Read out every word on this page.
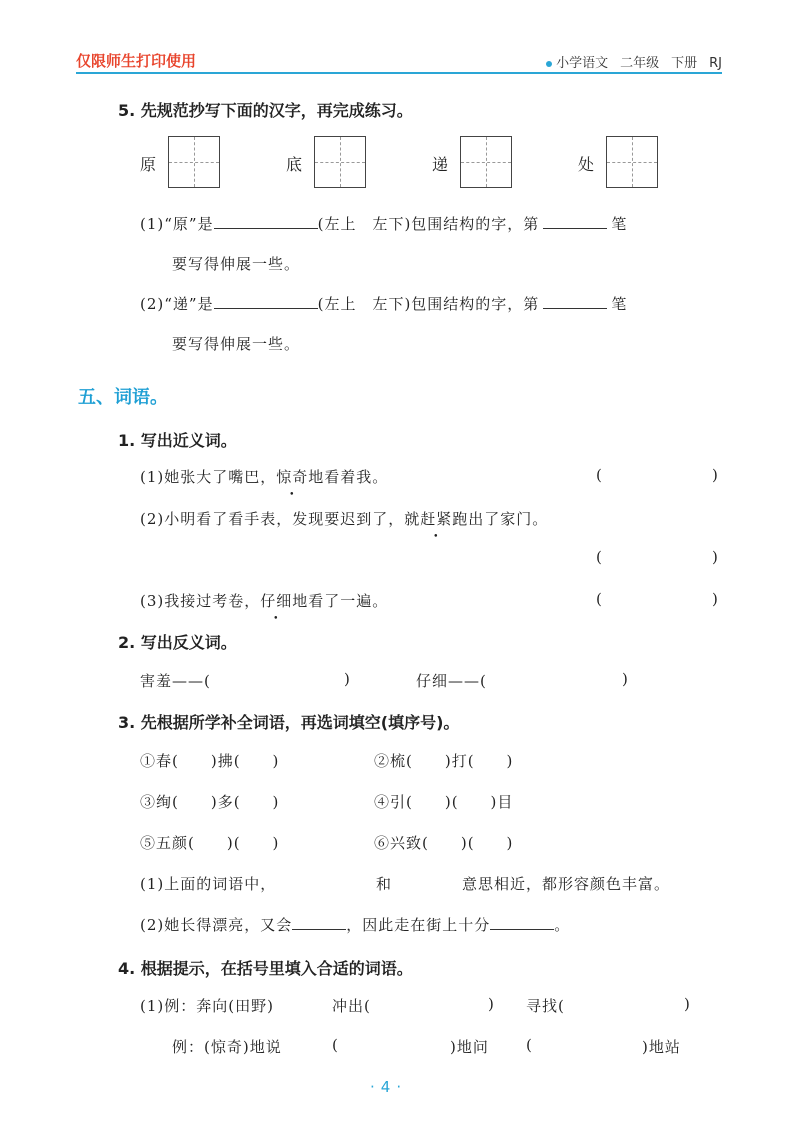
仅限师生打印使用	小学语文 二年级 下册 RJ
5. 先规范抄写下面的汉字，再完成练习。
原	底	递	处
(1)“原”是	(左上　左下)包围结构的字，第	笔
要写得伸展一些。
(2)“递”是	(左上　左下)包围结构的字，第	笔
要写得伸展一些。
五、词语。
1. 写出近义词。
(1)她张大了嘴巴，惊奇地看着我。	(	)
(2)小明看了看手表，发现要迟到了，就赶紧跑出了家门。
(	)
(3)我接过考卷，仔细地看了一遍。	(	)
2. 写出反义词。
害羞——(	)	仔细——(	)
3. 先根据所学补全词语，再选词填空(填序号)。
①春(　　)拂(　　)	②梳(　　)打(　　)
③绚(　　)多(　　)	④引(　　)(　　)目
⑤五颜(　　)(　　)	⑥兴致(　　)(　　)
(1)上面的词语中，	和	意思相近，都形容颜色丰富。
(2)她长得漂亮，又会	，因此走在街上十分	。
4. 根据提示，在括号里填入合适的词语。
(1)例：奔向(田野)	冲出(	) 寻找(	)
例：(惊奇)地说	(	)地问 (	)地站
·4·
